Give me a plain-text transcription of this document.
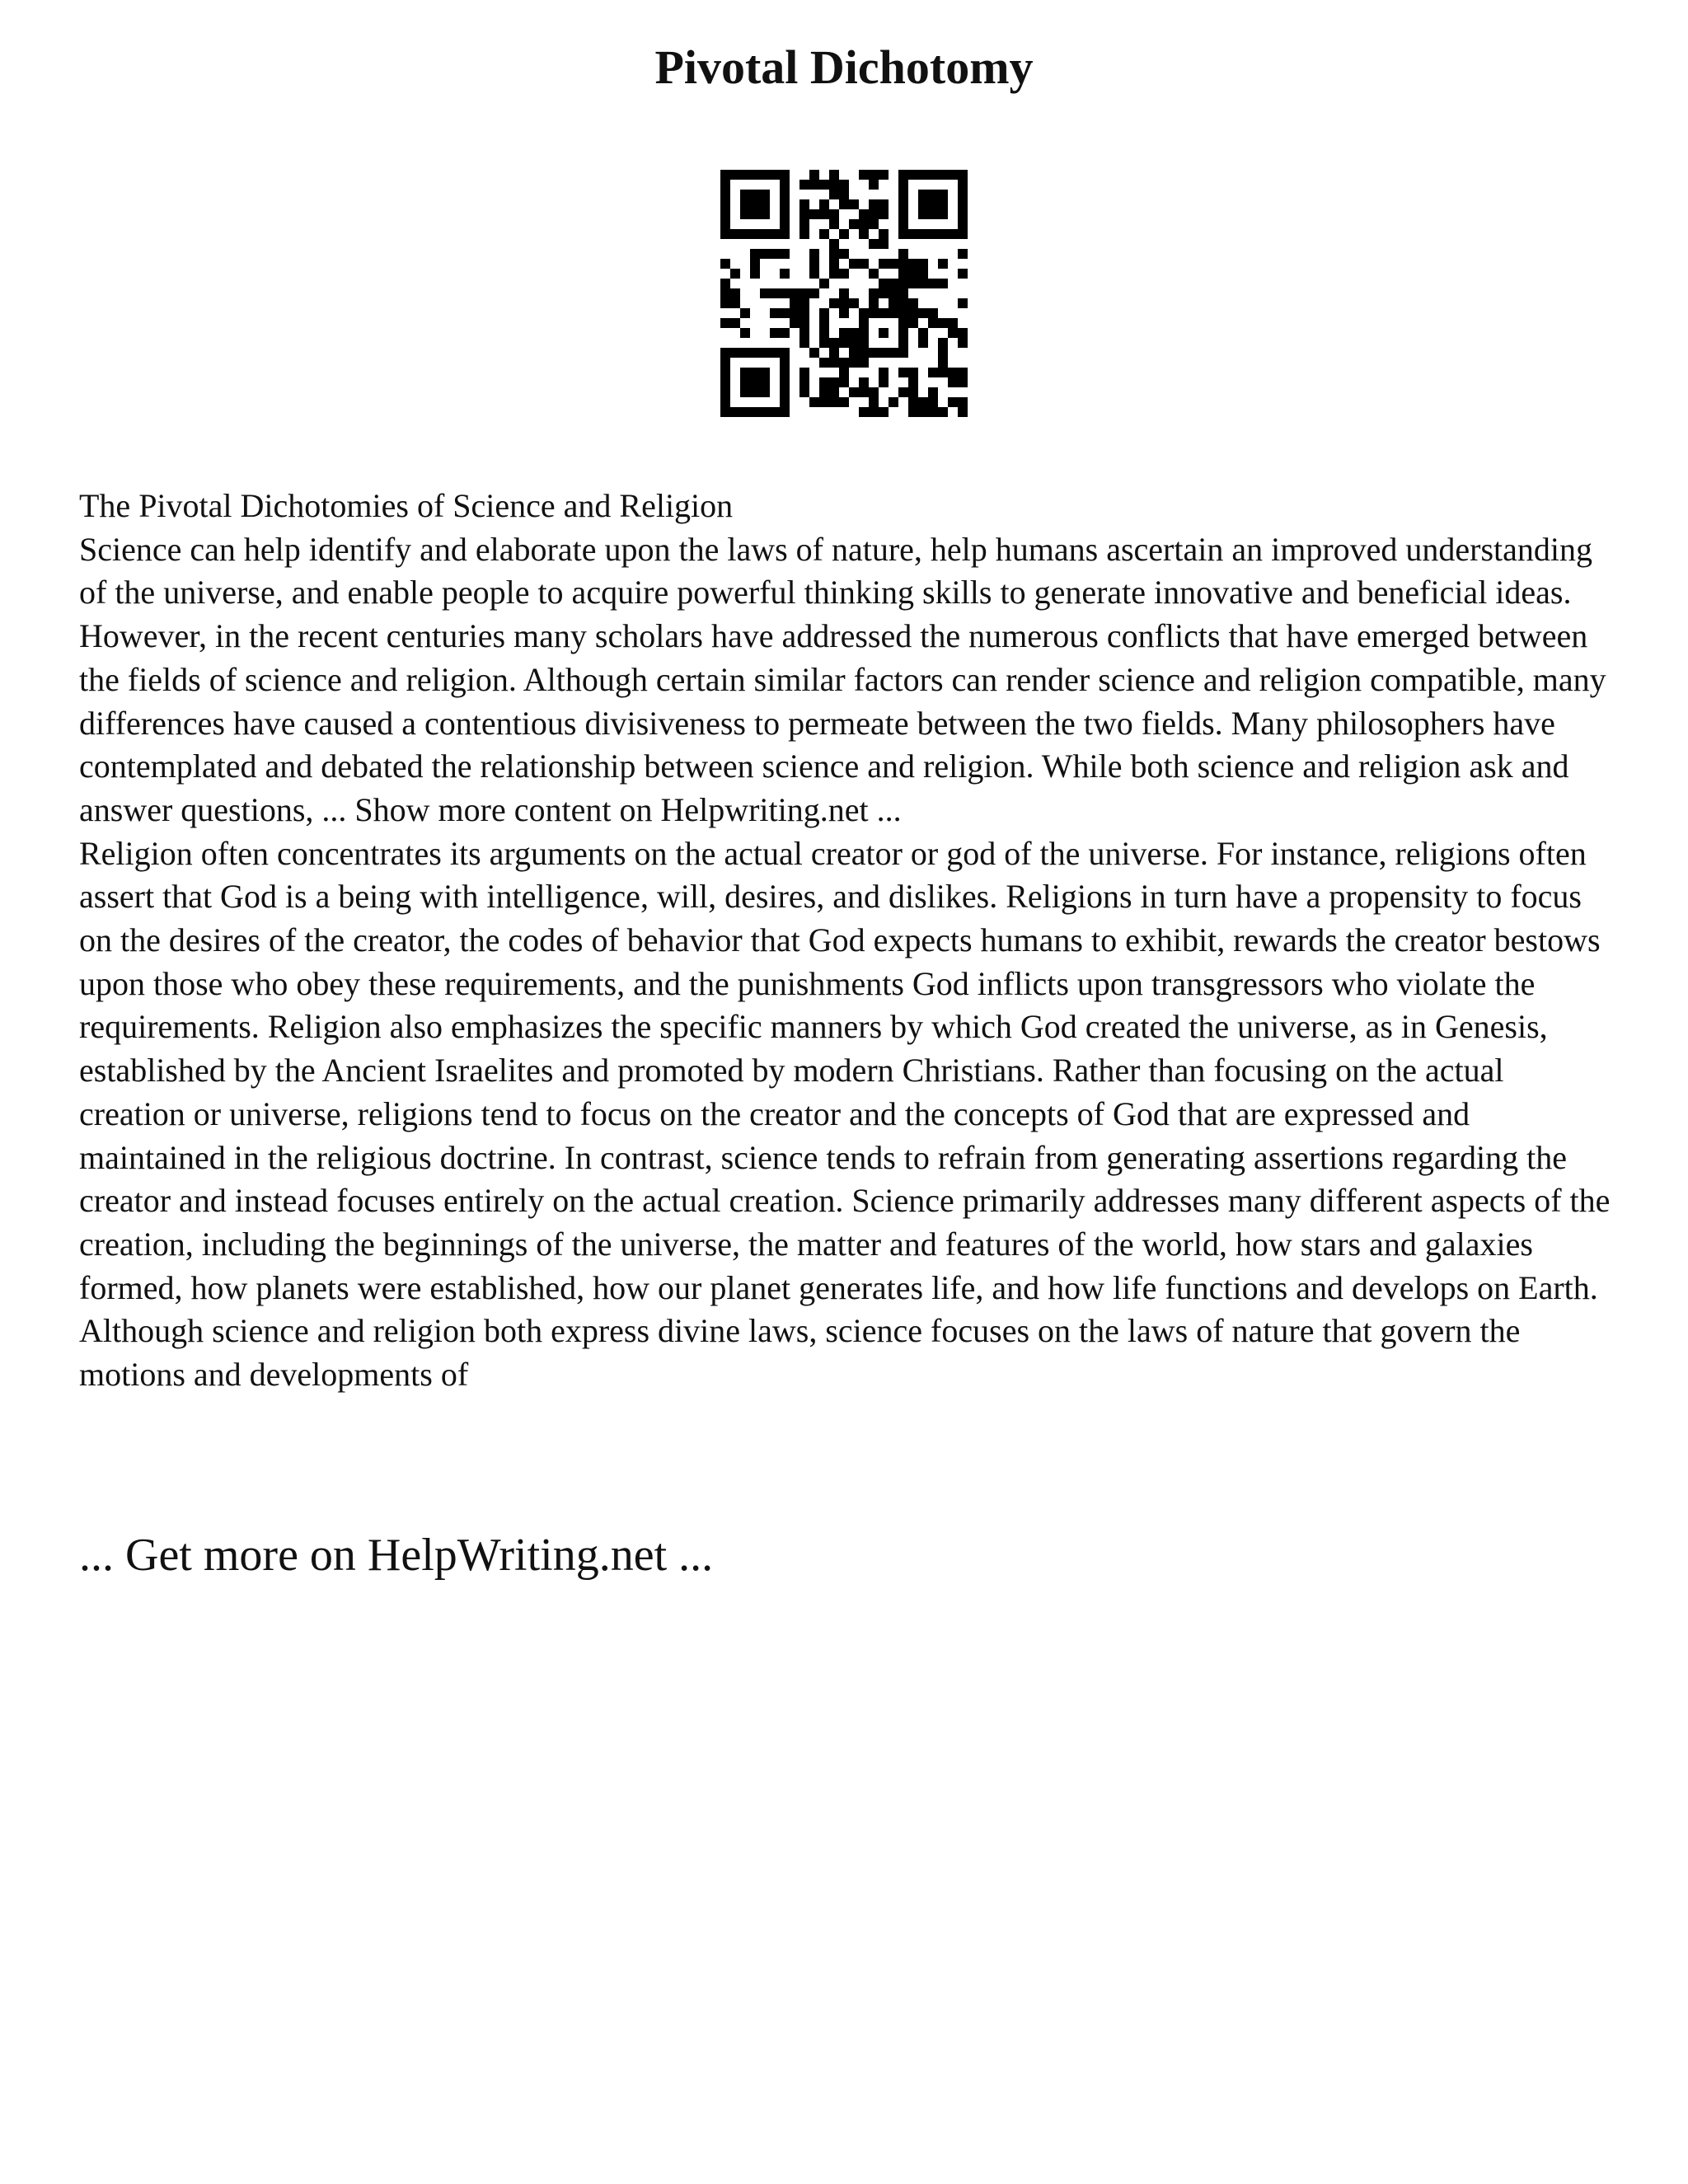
Pivotal Dichotomy

The Pivotal Dichotomies of Science and Religion

Science can help identify and elaborate upon the laws of nature, help humans ascertain an improved understanding of the universe, and enable people to acquire powerful thinking skills to generate innovative and beneficial ideas. However, in the recent centuries many scholars have addressed the numerous conflicts that have emerged between the fields of science and religion. Although certain similar factors can render science and religion compatible, many differences have caused a contentious divisiveness to permeate between the two fields. Many philosophers have contemplated and debated the relationship between science and religion. While both science and religion ask and answer questions, ... Show more content on Helpwriting.net ...

Religion often concentrates its arguments on the actual creator or god of the universe. For instance, religions often assert that God is a being with intelligence, will, desires, and dislikes. Religions in turn have a propensity to focus on the desires of the creator, the codes of behavior that God expects humans to exhibit, rewards the creator bestows upon those who obey these requirements, and the punishments God inflicts upon transgressors who violate the requirements. Religion also emphasizes the specific manners by which God created the universe, as in Genesis, established by the Ancient Israelites and promoted by modern Christians. Rather than focusing on the actual creation or universe, religions tend to focus on the creator and the concepts of God that are expressed and maintained in the religious doctrine. In contrast, science tends to refrain from generating assertions regarding the creator and instead focuses entirely on the actual creation. Science primarily addresses many different aspects of the creation, including the beginnings of the universe, the matter and features of the world, how stars and galaxies formed, how planets were established, how our planet generates life, and how life functions and develops on Earth. Although science and religion both express divine laws, science focuses on the laws of nature that govern the motions and developments of

... Get more on HelpWriting.net ...
